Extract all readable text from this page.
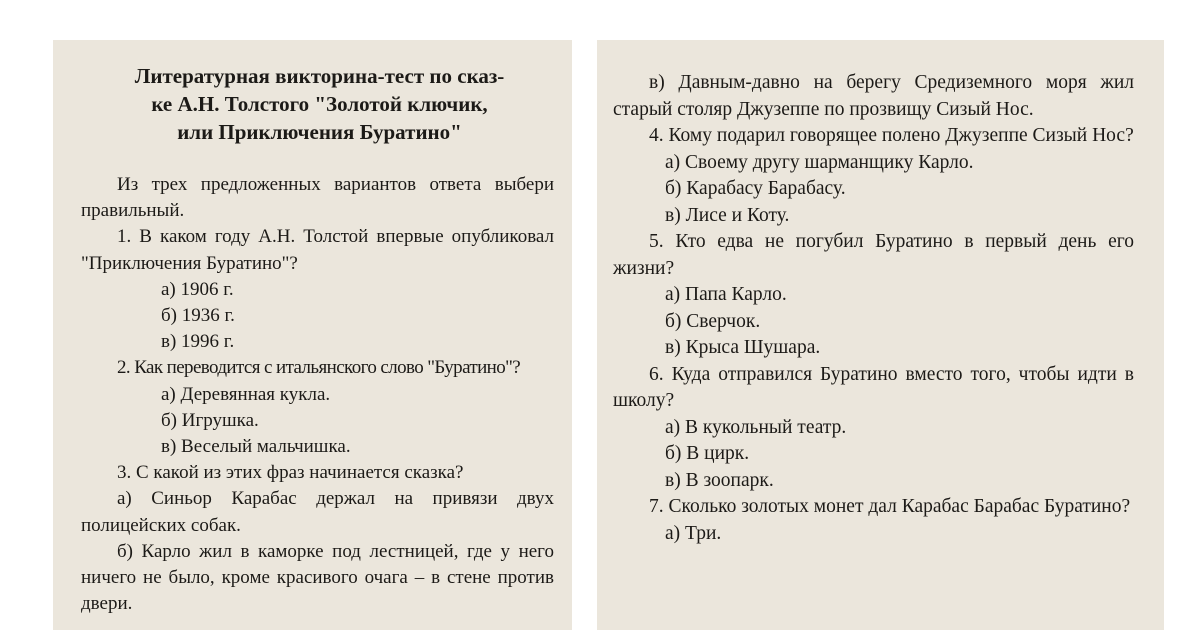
Литературная викторина-тест по сказ-
ке А.Н. Толстого "Золотой ключик,
или Приключения Буратино"

Из трех предложенных вариантов ответа выбери правильный.

1. В каком году А.Н. Толстой впервые опубликовал "Приключения Буратино"?

а) 1906 г.

б) 1936 г.

в) 1996 г.

2. Как переводится с итальянского слово "Буратино"?

а) Деревянная кукла.

б) Игрушка.

в) Веселый мальчишка.

3. С какой из этих фраз начинается сказка?

а) Синьор Карабас держал на привязи двух полицейских собак.

б) Карло жил в каморке под лестницей, где у него ничего не было, кроме красивого очага – в стене против двери.

в) Давным-давно на берегу Средиземного моря жил старый столяр Джузеппе по прозвищу Сизый Нос.

4. Кому подарил говорящее полено Джузеппе Сизый Нос?

а) Своему другу шарманщику Карло.

б) Карабасу Барабасу.

в) Лисе и Коту.

5. Кто едва не погубил Буратино в первый день его жизни?

а) Папа Карло.

б) Сверчок.

в) Крыса Шушара.

6. Куда отправился Буратино вместо того, чтобы идти в школу?

а) В кукольный театр.

б) В цирк.

в) В зоопарк.

7. Сколько золотых монет дал Карабас Барабас Буратино?

а) Три.
